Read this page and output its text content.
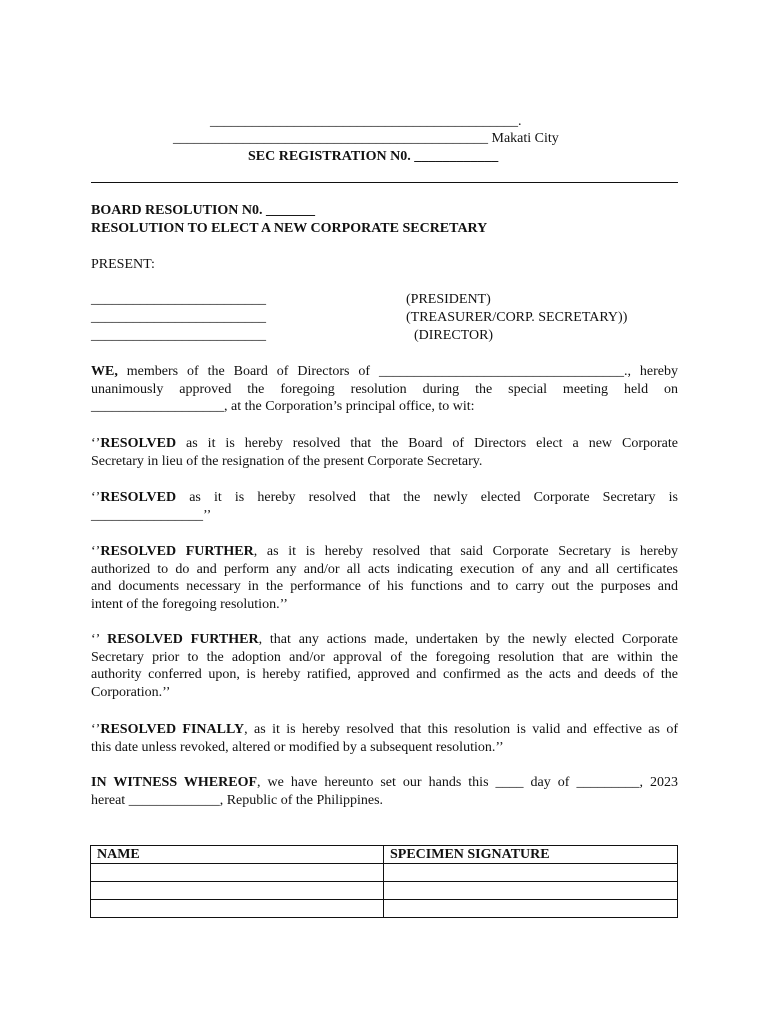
____________________________________________.
_____________________________________________ Makati City
SEC REGISTRATION N0. ____________
BOARD RESOLUTION N0. _______
RESOLUTION TO ELECT A NEW CORPORATE SECRETARY
PRESENT:
_________________________	(PRESIDENT)
_________________________	(TREASURER/CORP. SECRETARY))
_________________________	(DIRECTOR)
WE, members of the Board of Directors of ___________________________________., hereby
unanimously approved the foregoing resolution during the special meeting held on
___________________, at the Corporation’s principal office, to wit:
‘’RESOLVED as it is hereby resolved that the Board of Directors elect a new Corporate
Secretary in lieu of the resignation of the present Corporate Secretary.
‘’RESOLVED as it is hereby resolved that the newly elected Corporate Secretary is
________________’’
‘’RESOLVED FURTHER, as it is hereby resolved that said Corporate Secretary is hereby
authorized to do and perform any and/or all acts indicating execution of any and all certificates
and documents necessary in the performance of his functions and to carry out the purposes and
intent of the foregoing resolution.’’
‘’ RESOLVED FURTHER, that any actions made, undertaken by the newly elected Corporate
Secretary prior to the adoption and/or approval of the foregoing resolution that are within the
authority conferred upon, is hereby ratified, approved and confirmed as the acts and deeds of the
Corporation.’’
‘’RESOLVED FINALLY, as it is hereby resolved that this resolution is valid and effective as of
this date unless revoked, altered or modified by a subsequent resolution.’’
IN WITNESS WHEREOF, we have hereunto set our hands this ____ day of _________, 2023
hereat _____________, Republic of the Philippines.
NAME	SPECIMEN SIGNATURE
